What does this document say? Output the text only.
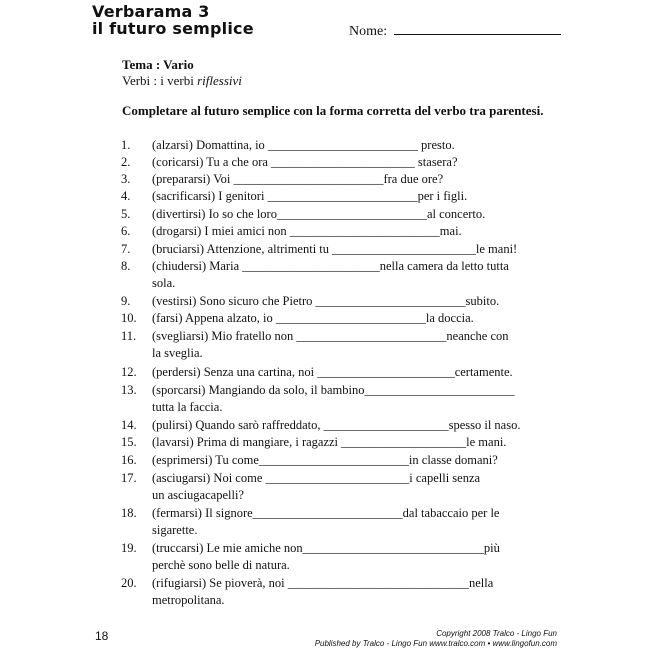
Verbarama 3
il futuro semplice	Nome:
Tema : Vario
Verbi : i verbi riflessivi
Completare al futuro semplice con la forma corretta del verbo tra parentesi.
1. (alzarsi) Domattina, io ________________________ presto.
2. (coricarsi) Tu a che ora _______________________ stasera?
3. (prepararsi) Voi ________________________fra due ore?
4. (sacrificarsi) I genitori ________________________per i figli.
5. (divertirsi) Io so che loro________________________al concerto.
6. (drogarsi) I miei amici non ________________________mai.
7. (bruciarsi) Attenzione, altrimenti tu _______________________le mani!
8. (chiudersi) Maria ______________________nella camera da letto tutta
sola.
9. (vestirsi) Sono sicuro che Pietro ________________________subito.
10. (farsi) Appena alzato, io ________________________la doccia.
11. (svegliarsi) Mio fratello non ________________________neanche con
la sveglia.
12. (perdersi) Senza una cartina, noi ______________________certamente.
13. (sporcarsi) Mangiando da solo, il bambino________________________
tutta la faccia.
14. (pulirsi) Quando sarò raffreddato, ____________________spesso il naso.
15. (lavarsi) Prima di mangiare, i ragazzi ____________________le mani.
16. (esprimersi) Tu come________________________in classe domani?
17. (asciugarsi) Noi come _______________________i capelli senza
un asciugacapelli?
18. (fermarsi) Il signore________________________dal tabaccaio per le
sigarette.
19. (truccarsi) Le mie amiche non_____________________________più
perchè sono belle di natura.
20. (rifugiarsi) Se pioverà, noi _____________________________nella
metropolitana.
18	Copyright 2008 Tralco - Lingo Fun
Published by Tralco - Lingo Fun www.tralco.com • www.lingofun.com
